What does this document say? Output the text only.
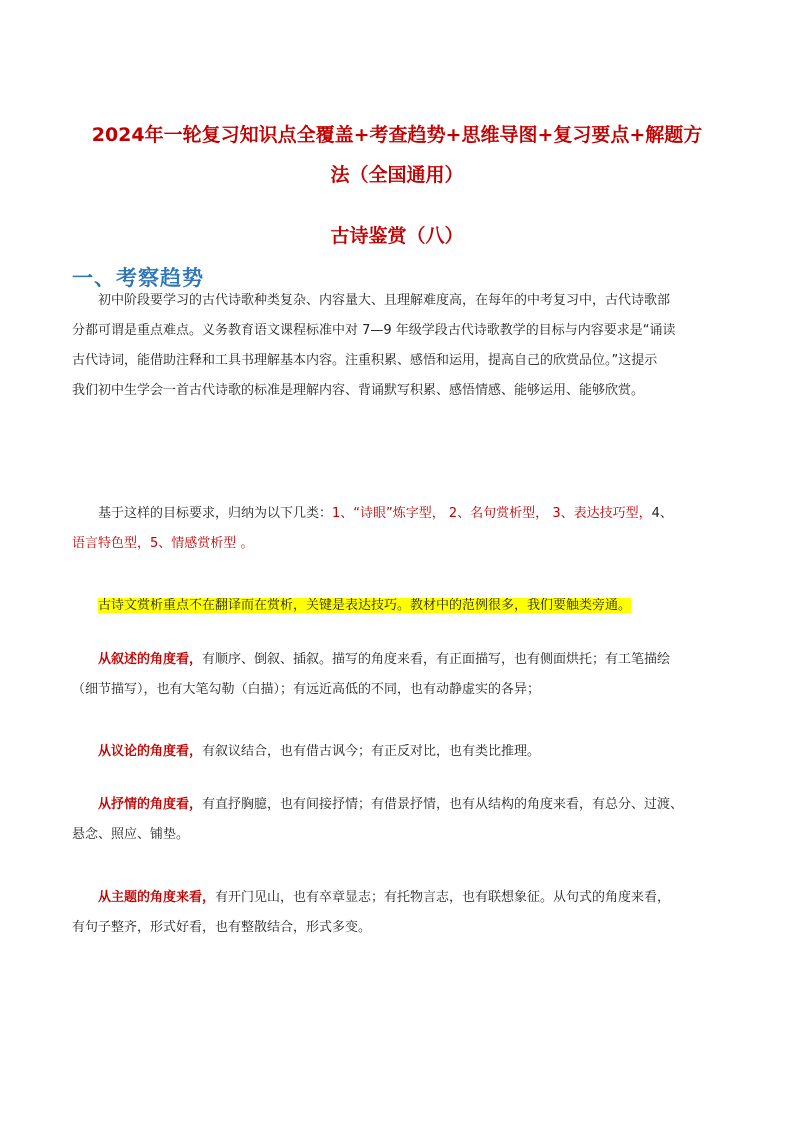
2024年一轮复习知识点全覆盖+考查趋势+思维导图+复习要点+解题方
法（全国通用）
古诗鉴赏（八）
一、考察趋势
初中阶段要学习的古代诗歌种类复杂、内容量大、且理解难度高，在每年的中考复习中，古代诗歌部
分都可谓是重点难点。义务教育语文课程标准中对 7—9 年级学段古代诗歌教学的目标与内容要求是“诵读
古代诗词，能借助注释和工具书理解基本内容。注重积累、感悟和运用，提高自己的欣赏品位。”这提示
我们初中生学会一首古代诗歌的标准是理解内容、背诵默写积累、感悟情感、能够运用、能够欣赏。
基于这样的目标要求，归纳为以下几类：1、“诗眼”炼字型， 2、名句赏析型， 3、表达技巧型，4、
语言特色型，5、情感赏析型 。
古诗文赏析重点不在翻译而在赏析，关键是表达技巧。教材中的范例很多，我们要触类旁通。
从叙述的角度看，有顺序、倒叙、插叙。描写的角度来看，有正面描写，也有侧面烘托；有工笔描绘
（细节描写），也有大笔勾勒（白描）；有远近高低的不同，也有动静虚实的各异；
从议论的角度看，有叙议结合，也有借古讽今；有正反对比，也有类比推理。
从抒情的角度看，有直抒胸臆，也有间接抒情；有借景抒情，也有从结构的角度来看，有总分、过渡、
悬念、照应、铺垫。
从主题的角度来看，有开门见山，也有卒章显志；有托物言志，也有联想象征。从句式的角度来看，
有句子整齐，形式好看，也有整散结合，形式多变。
